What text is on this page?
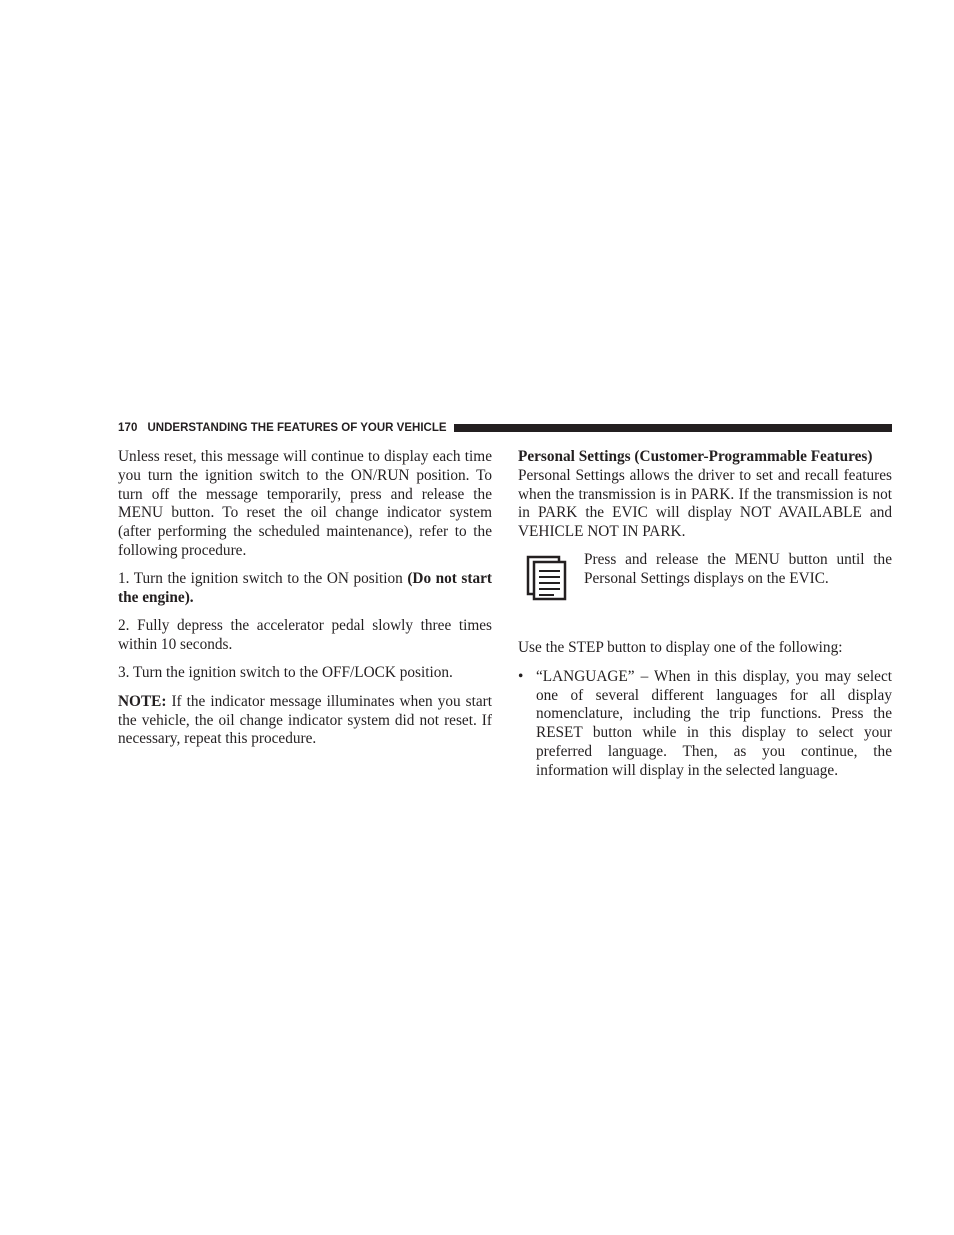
170 UNDERSTANDING THE FEATURES OF YOUR VEHICLE

Unless reset, this message will continue to display each time you turn the ignition switch to the ON/RUN position. To turn off the message temporarily, press and release the MENU button. To reset the oil change indicator system (after performing the scheduled maintenance), refer to the following procedure.

1. Turn the ignition switch to the ON position (Do not start the engine).

2. Fully depress the accelerator pedal slowly three times within 10 seconds.

3. Turn the ignition switch to the OFF/LOCK position.

NOTE: If the indicator message illuminates when you start the vehicle, the oil change indicator system did not reset. If necessary, repeat this procedure.

Personal Settings (Customer-Programmable Features)

Personal Settings allows the driver to set and recall features when the transmission is in PARK. If the transmission is not in PARK the EVIC will display NOT AVAILABLE and VEHICLE NOT IN PARK.

Press and release the MENU button until the Personal Settings displays on the EVIC.

Use the STEP button to display one of the following:

• “LANGUAGE” – When in this display, you may select one of several different languages for all display nomenclature, including the trip functions. Press the RESET button while in this display to select your preferred language. Then, as you continue, the information will display in the selected language.
